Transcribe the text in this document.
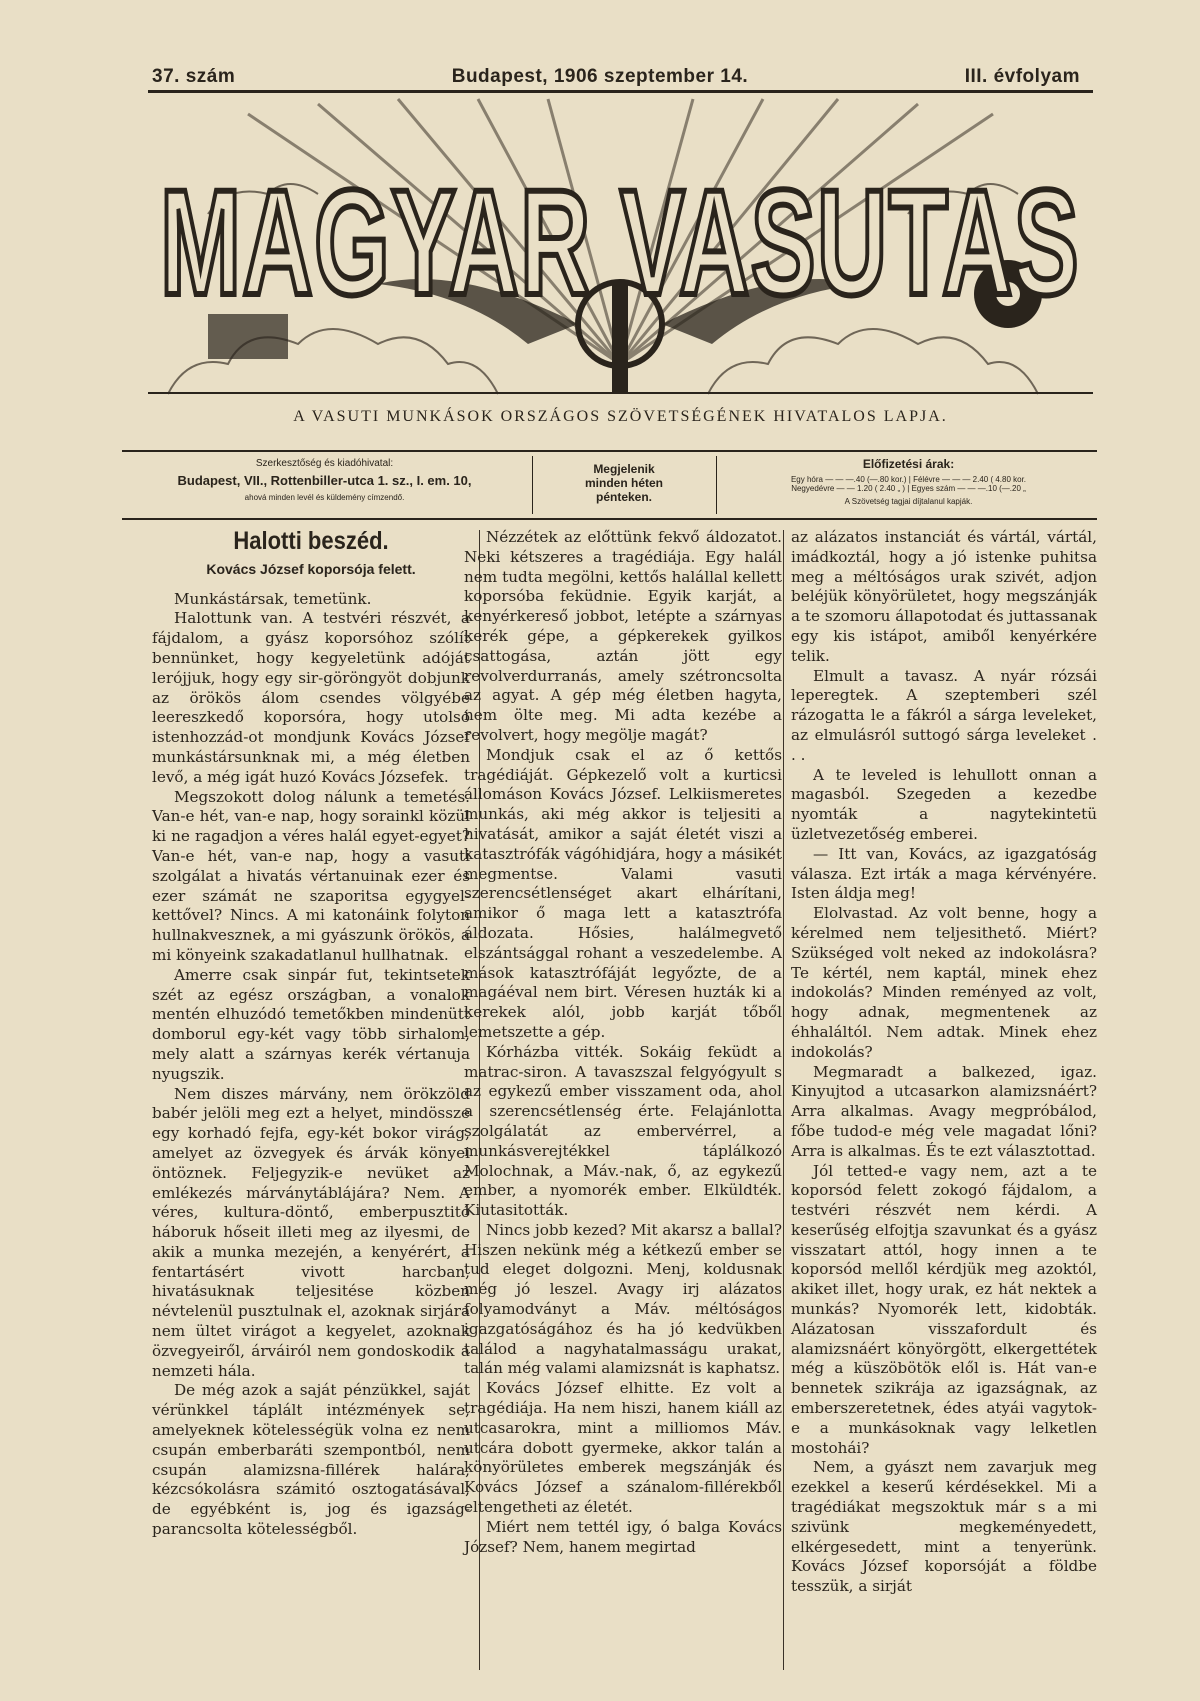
37. szám	Budapest, 1906 szeptember 14.	III. évfolyam
MAGYAR VASUTAS
A VASUTI MUNKÁSOK ORSZÁGOS SZÖVETSÉGÉNEK HIVATALOS LAPJA.
Szerkesztőség és kiadóhivatal:
Budapest, VII., Rottenbiller-utca 1. sz., I. em. 10,
ahová minden levél és küldemény címzendő.
Megjelenik
minden héten
pénteken.
Előfizetési árak:
Egy hóra — — —.40 (—.80 kor.) | Félévre — — — 2.40 ( 4.80 kor.
Negyedévre — — 1.20 ( 2.40 „ ) | Egyes szám — — —.10 (—.20 „
A Szövetség tagjai díjtalanul kapják.
Halotti beszéd.
Kovács József koporsója felett.

Munkástársak, temetünk.

Halottunk van. A testvéri részvét, a fájdalom, a gyász koporsóhoz szólít bennünket, hogy kegyeletünk adóját lerójjuk, hogy egy sir-göröngyöt dobjunk az örökös álom csendes völgyébe leereszkedő koporsóra, hogy utolsó istenhozzád-ot mondjunk Kovács József munkástársunknak mi, a még életben levő, a még igát huzó Kovács Józsefek.

Megszokott dolog nálunk a temetés. Van-e hét, van-e nap, hogy sorainkl közül ki ne ragadjon a véres halál egyet-egyet? Van-e hét, van-e nap, hogy a vasuti szolgálat a hivatás vértanuinak ezer és ezer számát ne szaporitsa egygyel-kettővel? Nincs. A mi katonáink folyton hullnakvesznek, a mi gyászunk örökös, a mi könyeink szakadatlanul hullhatnak.

Amerre csak sinpár fut, tekintsetek szét az egész országban, a vonalok mentén elhuzódó temetőkben mindenütt domborul egy-két vagy több sirhalom, mely alatt a szárnyas kerék vértanuja nyugszik.

Nem diszes márvány, nem örökzöld babér jelöli meg ezt a helyet, mindössze egy korhadó fejfa, egy-két bokor virág, amelyet az özvegyek és árvák könyei öntöznek. Feljegyzik-e nevüket az emlékezés márványtáblájára? Nem. A véres, kultura-döntő, emberpusztitó háboruk hőseit illeti meg az ilyesmi, de akik a munka mezején, a kenyérért, a fentartásért vivott harcban, hivatásuknak teljesitése közben névtelenül pusztulnak el, azoknak sirjára nem ültet virágot a kegyelet, azoknak özvegyeiről, árváiról nem gondoskodik a nemzeti hála.

De még azok a saját pénzükkel, saját vérünkkel táplált intézmények se, amelyeknek kötelességük volna ez nem csupán emberbaráti szempontból, nem csupán alamizsna-fillérek halára, kézcsókolásra számitó osztogatásával, de egyébként is, jog és igazság-parancsolta kötelességből.

Nézzétek az előttünk fekvő áldozatot. Neki kétszeres a tragédiája. Egy halál nem tudta megölni, kettős halállal kellett koporsóba feküdnie. Egyik karját, a kenyérkereső jobbot, letépte a szárnyas kerék gépe, a gépkerekek gyilkos csattogása, aztán jött egy revolverdurranás, amely szétroncsolta az agyat. A gép még életben hagyta, nem ölte meg. Mi adta kezébe a revolvert, hogy megölje magát?

Mondjuk csak el az ő kettős tragédiáját. Gépkezelő volt a kurticsi állomáson Kovács József. Lelkiismeretes munkás, aki még akkor is teljesiti a hivatását, amikor a saját életét viszi a katasztrófák vágóhidjára, hogy a másikét megmentse. Valami vasuti szerencsétlenséget akart elhárítani, amikor ő maga lett a katasztrófa áldozata. Hősies, halálmegvető elszántsággal rohant a veszedelembe. A mások katasztrófáját legyőzte, de a magáéval nem birt. Véresen huzták ki a kerekek alól, jobb karját tőből lemetszette a gép.

Kórházba vitték. Sokáig feküdt a matrac-siron. A tavaszszal felgyógyult s az egykezű ember visszament oda, ahol a szerencsétlenség érte. Felajánlotta szolgálatát az embervérrel, a munkásverejtékkel táplálkozó Molochnak, a Máv.-nak, ő, az egykezű ember, a nyomorék ember. Elküldték. Kiutasitották.

Nincs jobb kezed? Mit akarsz a ballal? Hiszen nekünk még a kétkezű ember se tud eleget dolgozni. Menj, koldusnak még jó leszel. Avagy irj alázatos folyamodványt a Máv. méltóságos igazgatóságához és ha jó kedvükben találod a nagyhatalmasságu urakat, talán még valami alamizsnát is kaphatsz.

Kovács József elhitte. Ez volt a tragédiája. Ha nem hiszi, hanem kiáll az utcasarokra, mint a milliomos Máv. utcára dobott gyermeke, akkor talán a könyörületes emberek megszánják és Kovács József a szánalom-fillérekből eltengetheti az életét.

Miért nem tettél igy, ó balga Kovács József? Nem, hanem megirtad

az alázatos instanciát és vártál, vártál, imádkoztál, hogy a jó istenke puhitsa meg a méltóságos urak szivét, adjon beléjük könyörületet, hogy megszánják a te szomoru állapotodat és juttassanak egy kis istápot, amiből kenyérkére telik.

Elmult a tavasz. A nyár rózsái leperegtek. A szeptemberi szél rázogatta le a fákról a sárga leveleket, az elmulásról suttogó sárga leveleket . . .

A te leveled is lehullott onnan a magasból. Szegeden a kezedbe nyomták a nagytekintetü üzletvezetőség emberei.

— Itt van, Kovács, az igazgatóság válasza. Ezt irták a maga kérvényére. Isten áldja meg!

Elolvastad. Az volt benne, hogy a kérelmed nem teljesithető. Miért? Szükséged volt neked az indokolásra? Te kértél, nem kaptál, minek ehez indokolás? Minden reményed az volt, hogy adnak, megmentenek az éhhaláltól. Nem adtak. Minek ehez indokolás?

Megmaradt a balkezed, igaz. Kinyujtod a utcasarkon alamizsnáért? Arra alkalmas. Avagy megpróbálod, főbe tudod-e még vele magadat lőni? Arra is alkalmas. És te ezt választottad.

Jól tetted-e vagy nem, azt a te koporsód felett zokogó fájdalom, a testvéri részvét nem kérdi. A keserűség elfojtja szavunkat és a gyász visszatart attól, hogy innen a te koporsód mellől kérdjük meg azoktól, akiket illet, hogy urak, ez hát nektek a munkás? Nyomorék lett, kidobták. Alázatosan visszafordult és alamizsnáért könyörgött, elkergettétek még a küszöbötök elől is. Hát van-e bennetek szikrája az igazságnak, az emberszeretetnek, édes atyái vagytok-e a munkásoknak vagy lelketlen mostohái?

Nem, a gyászt nem zavarjuk meg ezekkel a keserű kérdésekkel. Mi a tragédiákat megszoktuk már s a mi szivünk megkeményedett, elkérgesedett, mint a tenyerünk. Kovács József koporsóját a földbe tesszük, a sirját
